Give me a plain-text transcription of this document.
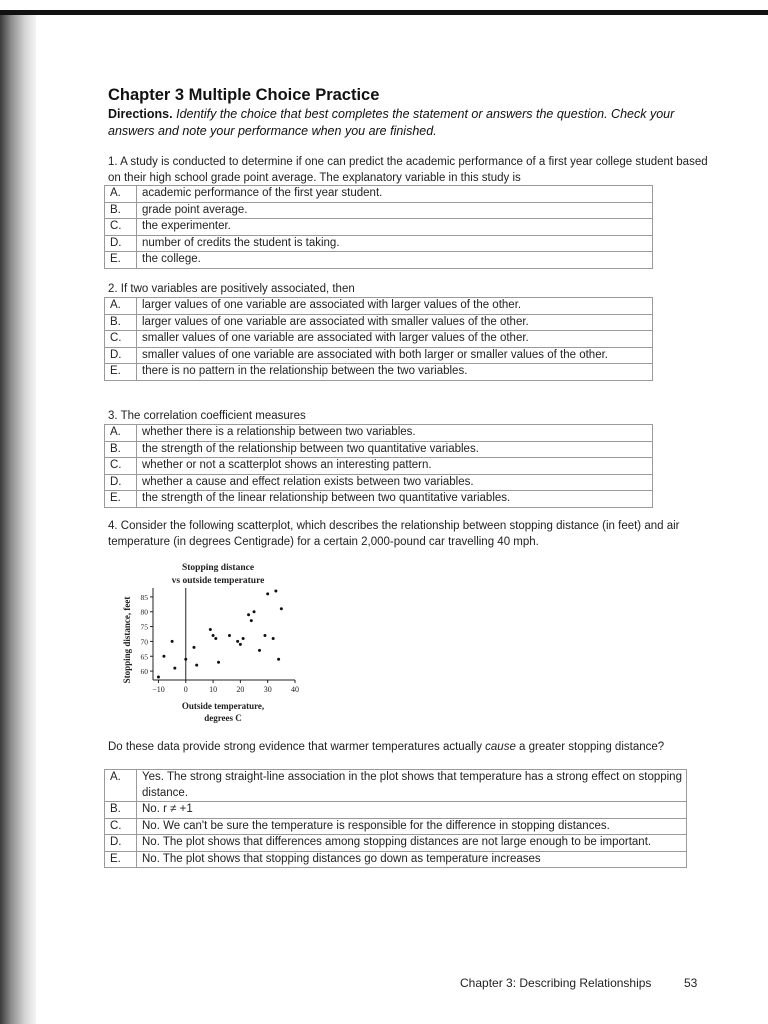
Chapter 3 Multiple Choice Practice
Directions. Identify the choice that best completes the statement or answers the question. Check your answers and note your performance when you are finished.
1. A study is conducted to determine if one can predict the academic performance of a first year college student based on their high school grade point average. The explanatory variable in this study is
A.	academic performance of the first year student.
B.	grade point average.
C.	the experimenter.
D.	number of credits the student is taking.
E.	the college.
2. If two variables are positively associated, then
A.	larger values of one variable are associated with larger values of the other.
B.	larger values of one variable are associated with smaller values of the other.
C.	smaller values of one variable are associated with larger values of the other.
D.	smaller values of one variable are associated with both larger or smaller values of the other.
E.	there is no pattern in the relationship between the two variables.
3. The correlation coefficient measures
A.	whether there is a relationship between two variables.
B.	the strength of the relationship between two quantitative variables.
C.	whether or not a scatterplot shows an interesting pattern.
D.	whether a cause and effect relation exists between two variables.
E.	the strength of the linear relationship between two quantitative variables.
4. Consider the following scatterplot, which describes the relationship between stopping distance (in feet) and air temperature (in degrees Centigrade) for a certain 2,000-pound car travelling 40 mph.
Stopping distance
vs outside temperature
−10 0	10 20 30 40
60
65
70
75
80
85
Stopping distance, feet
Outside temperature,
degrees C
Do these data provide strong evidence that warmer temperatures actually cause a greater stopping distance?
A.	Yes. The strong straight-line association in the plot shows that temperature has a strong effect on stopping distance.
B.	No. r ≠ +1
C.	No. We can't be sure the temperature is responsible for the difference in stopping distances.
D.	No. The plot shows that differences among stopping distances are not large enough to be important.
E.	No. The plot shows that stopping distances go down as temperature increases
Chapter 3: Describing Relationships	53
